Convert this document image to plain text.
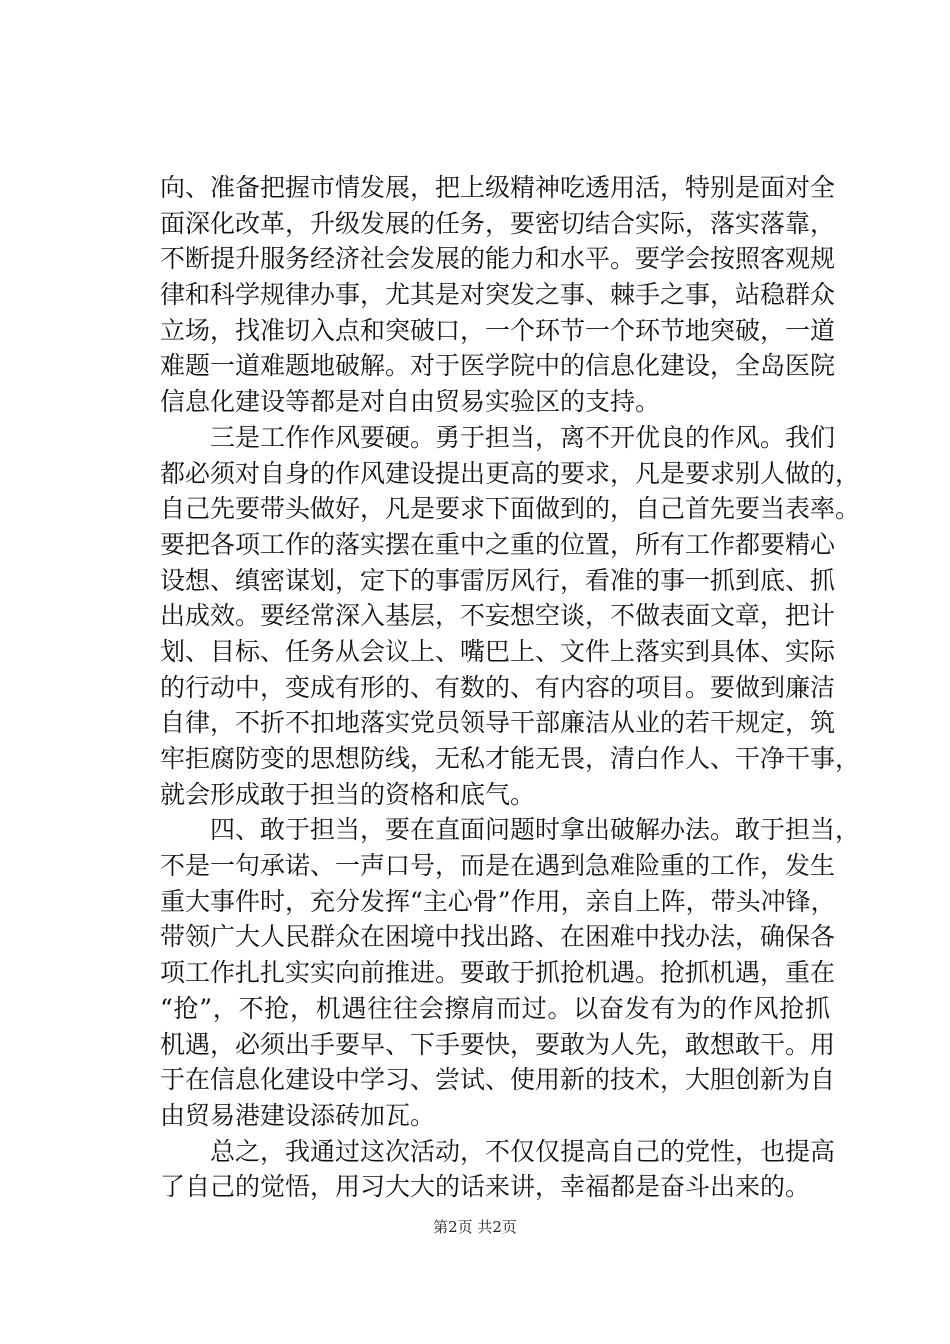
向、准备把握市情发展，把上级精神吃透用活，特别是面对全
面深化改革，升级发展的任务，要密切结合实际，落实落靠，
不断提升服务经济社会发展的能力和水平。要学会按照客观规
律和科学规律办事，尤其是对突发之事、棘手之事，站稳群众
立场，找准切入点和突破口，一个环节一个环节地突破，一道
难题一道难题地破解。对于医学院中的信息化建设，全岛医院
信息化建设等都是对自由贸易实验区的支持。
三是工作作风要硬。勇于担当，离不开优良的作风。我们
都必须对自身的作风建设提出更高的要求，凡是要求别人做的，
自己先要带头做好，凡是要求下面做到的，自己首先要当表率。
要把各项工作的落实摆在重中之重的位置，所有工作都要精心
设想、缜密谋划，定下的事雷厉风行，看准的事一抓到底、抓
出成效。要经常深入基层，不妄想空谈，不做表面文章，把计
划、目标、任务从会议上、嘴巴上、文件上落实到具体、实际
的行动中，变成有形的、有数的、有内容的项目。要做到廉洁
自律，不折不扣地落实党员领导干部廉洁从业的若干规定，筑
牢拒腐防变的思想防线，无私才能无畏，清白作人、干净干事，
就会形成敢于担当的资格和底气。
四、敢于担当，要在直面问题时拿出破解办法。敢于担当，
不是一句承诺、一声口号，而是在遇到急难险重的工作，发生
重大事件时，充分发挥“主心骨”作用，亲自上阵，带头冲锋，
带领广大人民群众在困境中找出路、在困难中找办法，确保各
项工作扎扎实实向前推进。要敢于抓抢机遇。抢抓机遇，重在
“抢”，不抢，机遇往往会擦肩而过。以奋发有为的作风抢抓
机遇，必须出手要早、下手要快，要敢为人先，敢想敢干。用
于在信息化建设中学习、尝试、使用新的技术，大胆创新为自
由贸易港建设添砖加瓦。
总之，我通过这次活动，不仅仅提高自己的党性，也提高
了自己的觉悟，用习大大的话来讲，幸福都是奋斗出来的。
第2页 共2页
